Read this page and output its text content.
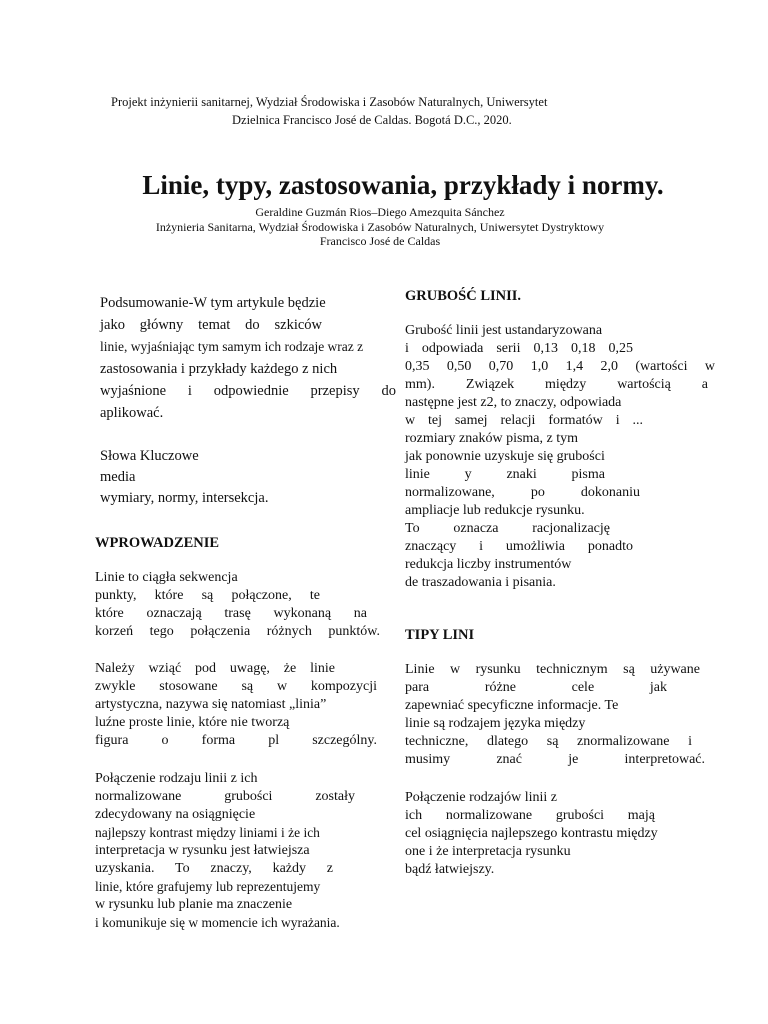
Projekt inżynierii sanitarnej, Wydział Środowiska i Zasobów Naturalnych, Uniwersytet
Dzielnica Francisco José de Caldas. Bogotá D.C., 2020.
Linie, typy, zastosowania, przykłady i normy.
Geraldine Guzmán Rios–Diego Amezquita Sánchez
Inżynieria Sanitarna, Wydział Środowiska i Zasobów Naturalnych, Uniwersytet Dystryktowy
Francisco José de Caldas
Podsumowanie-W tym artykule będzie
jako główny temat do szkiców
linie, wyjaśniając tym samym ich rodzaje wraz z
zastosowania i przykłady każdego z nich
wyjaśnione i odpowiednie przepisy do
aplikować.
Słowa Kluczowe
media
wymiary, normy, intersekcja.
WPROWADZENIE
Linie to ciągła sekwencja
punkty, które są połączone, te
które oznaczają trasę wykonaną na
korzeń tego połączenia różnych punktów.
Należy wziąć pod uwagę, że linie
zwykle stosowane są w kompozycji
artystyczna, nazywa się natomiast „linia”
luźne proste linie, które nie tworzą
figura o forma pl szczególny.
Połączenie rodzaju linii z ich
normalizowane grubości zostały
zdecydowany na osiągnięcie
najlepszy kontrast między liniami i że ich
interpretacja w rysunku jest łatwiejsza
uzyskania. To znaczy, każdy z
linie, które grafujemy lub reprezentujemy
w rysunku lub planie ma znaczenie
i komunikuje się w momencie ich wyrażania.
GRUBOŚĆ LINII.
Grubość linii jest ustandaryzowana
i odpowiada serii 0,13 0,18 0,25
0,35 0,50 0,70 1,0 1,4 2,0 (wartości w
mm). Związek między wartością a
następne jest z2, to znaczy, odpowiada
w tej samej relacji formatów i ...
rozmiary znaków pisma, z tym
jak ponownie uzyskuje się grubości
linie y znaki pisma
normalizowane, po dokonaniu
ampliacje lub redukcje rysunku.
To oznacza racjonalizację
znaczący i umożliwia ponadto
redukcja liczby instrumentów
de traszadowania i pisania.
TIPY LINI
Linie w rysunku technicznym są używane
para różne cele jak
zapewniać specyficzne informacje. Te
linie są rodzajem języka między
techniczne, dlatego są znormalizowane i
musimy znać je interpretować.
Połączenie rodzajów linii z
ich normalizowane grubości mają
cel osiągnięcia najlepszego kontrastu między
one i że interpretacja rysunku
bądź łatwiejszy.
